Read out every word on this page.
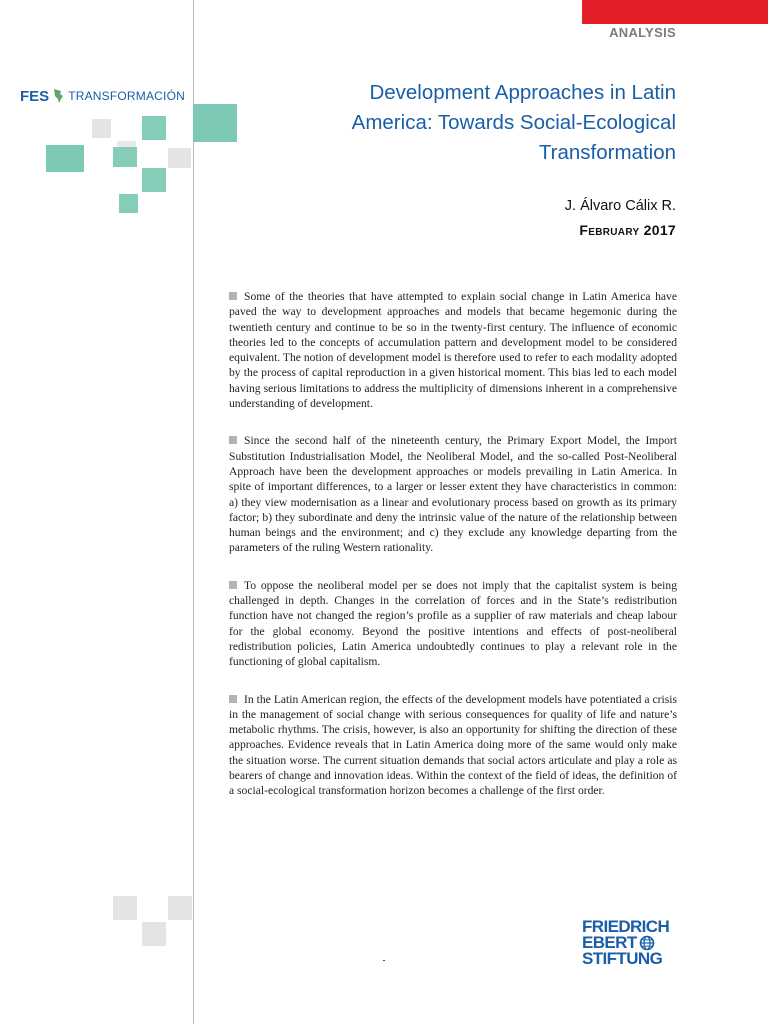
ANALYSIS
FES TRANSFORMACIÓN	Development Approaches in Latin
America: Towards Social-Ecological
Transformation
J. Álvaro Cálix R.
February 2017

Some of the theories that have attempted to explain social change in Latin America have paved the way to development approaches and models that became hegemonic during the twentieth century and continue to be so in the twenty-first century. The influence of economic theories led to the concepts of accumulation pattern and development model to be considered equivalent. The notion of development model is therefore used to refer to each modality adopted by the process of capital reproduction in a given historical moment. This bias led to each model having serious limitations to address the multiplicity of dimensions inherent in a comprehensive understanding of development.

Since the second half of the nineteenth century, the Primary Export Model, the Import Substitution Industrialisation Model, the Neoliberal Model, and the so-called Post-Neoliberal Approach have been the development approaches or models prevailing in Latin America. In spite of important differences, to a larger or lesser extent they have characteristics in common: a) they view modernisation as a linear and evolutionary process based on growth as its primary factor; b) they subordinate and deny the intrinsic value of the nature of the relationship between human beings and the environment; and c) they exclude any knowledge departing from the parameters of the ruling Western rationality.

To oppose the neoliberal model per se does not imply that the capitalist system is being challenged in depth. Changes in the correlation of forces and in the State’s redistribution function have not changed the region’s profile as a supplier of raw materials and cheap labour for the global economy. Beyond the positive intentions and effects of post-neoliberal redistribution policies, Latin America undoubtedly continues to play a relevant role in the functioning of global capitalism.

In the Latin American region, the effects of the development models have potentiated a crisis in the management of social change with serious consequences for quality of life and nature’s metabolic rhythms. The crisis, however, is also an opportunity for shifting the direction of these approaches. Evidence reveals that in Latin America doing more of the same would only make the situation worse. The current situation demands that social actors articulate and play a role as bearers of change and innovation ideas. Within the context of the field of ideas, the definition of a social-ecological transformation horizon becomes a challenge of the first order.

FRIEDRICH
EBERT
STIFTUNG
